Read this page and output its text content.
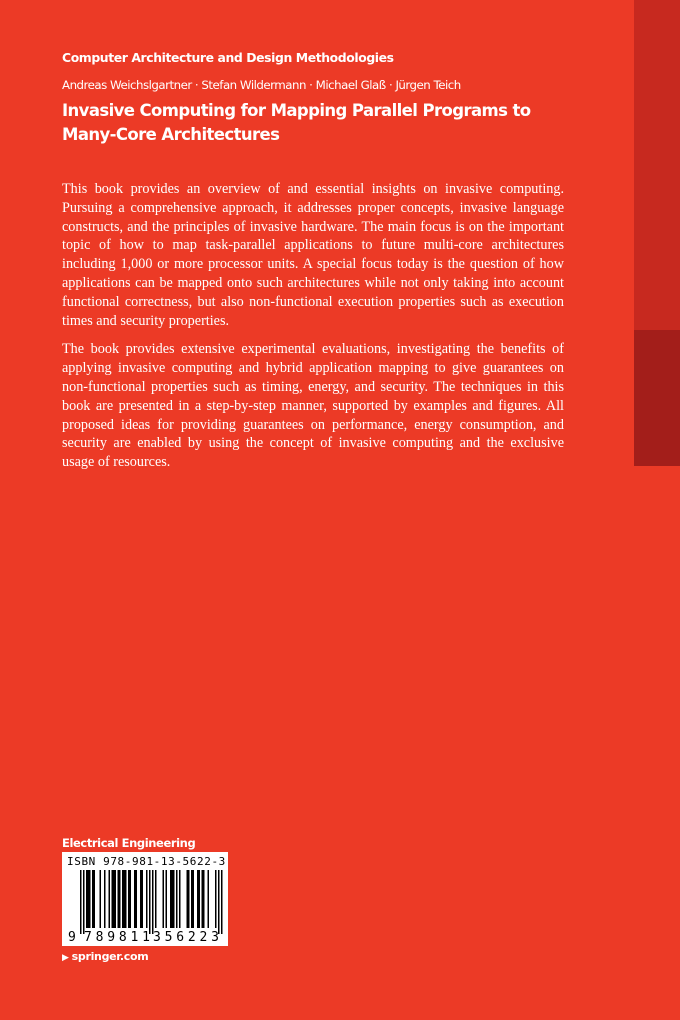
Computer Architecture and Design Methodologies
Andreas Weichslgartner · Stefan Wildermann · Michael Glaß · Jürgen Teich
Invasive Computing for Mapping Parallel Programs to Many-Core Architectures

This book provides an overview of and essential insights on invasive computing. Pursuing a comprehensive approach, it addresses proper concepts, invasive language constructs, and the principles of invasive hardware. The main focus is on the important topic of how to map task-parallel applications to future multi-core architectures including 1,000 or more processor units. A special focus today is the question of how applications can be mapped onto such architectures while not only taking into account functional correctness, but also non-functional execution properties such as execution times and security properties.

The book provides extensive experimental evaluations, investigating the benefits of applying invasive computing and hybrid application mapping to give guarantees on non-functional properties such as timing, energy, and security. The techniques in this book are presented in a step-by-step manner, supported by examples and figures. All proposed ideas for providing guarantees on performance, energy consumption, and security are enabled by using the concept of invasive computing and the exclusive usage of resources.

Electrical Engineering
9 789811 356223
ISBN 978-981-13-5622-3
▶ springer.com
